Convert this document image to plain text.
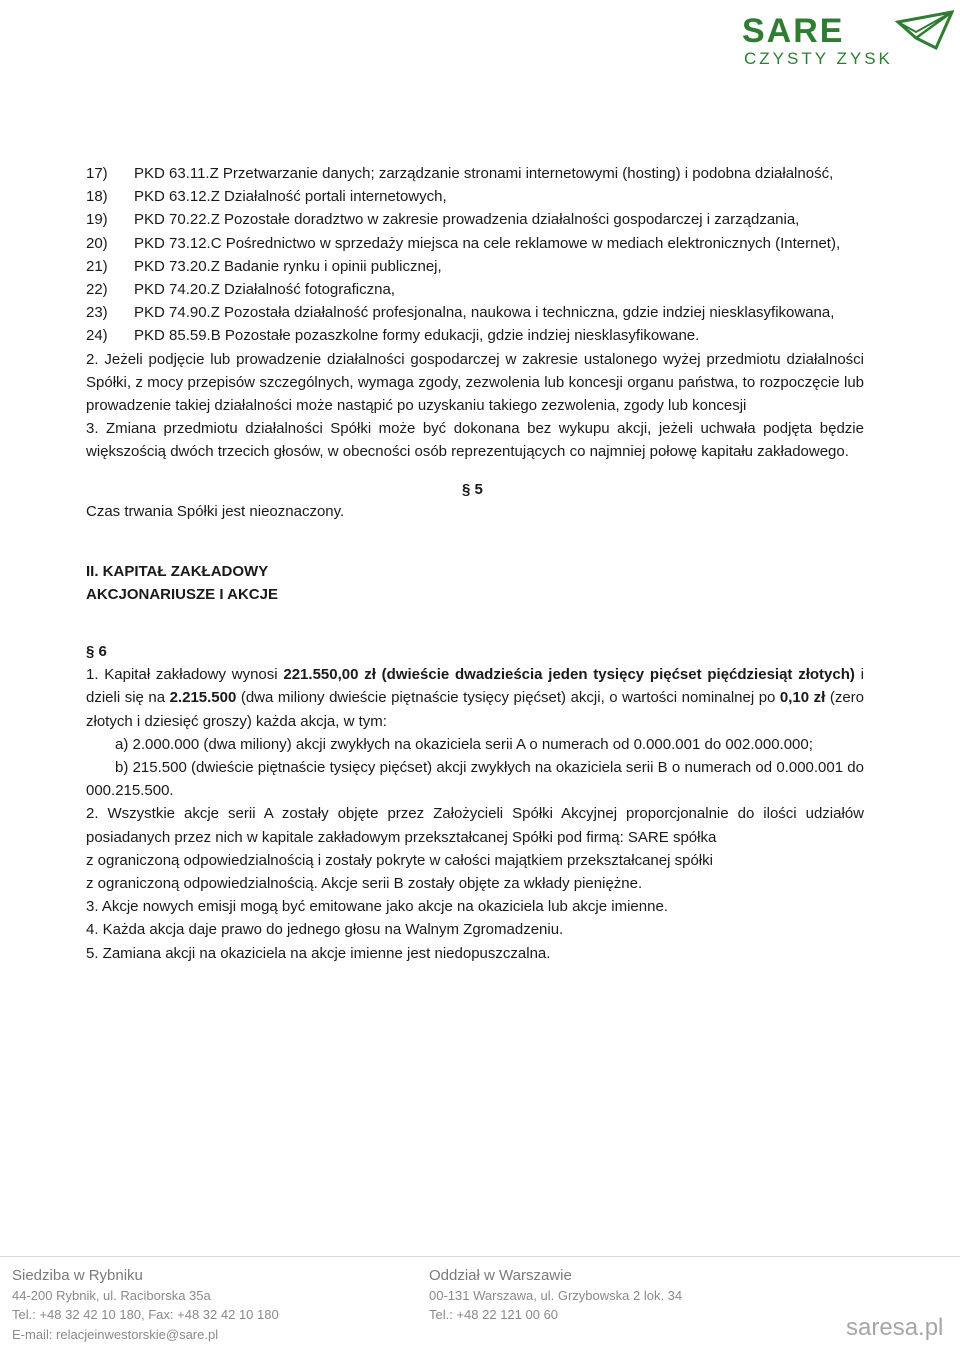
SARE
CZYSTY ZYSK
17)	PKD 63.11.Z Przetwarzanie danych; zarządzanie stronami internetowymi (hosting) i podobna działalność,
18)	PKD 63.12.Z Działalność portali internetowych,
19)	PKD 70.22.Z Pozostałe doradztwo w zakresie prowadzenia działalności gospodarczej i zarządzania,
20)	PKD 73.12.C Pośrednictwo w sprzedaży miejsca na cele reklamowe w mediach elektronicznych (Internet),
21)	PKD 73.20.Z Badanie rynku i opinii publicznej,
22)	PKD 74.20.Z Działalność fotograficzna,
23)	PKD 74.90.Z Pozostała działalność profesjonalna, naukowa i techniczna, gdzie indziej niesklasyfikowana,
24)	PKD 85.59.B Pozostałe pozaszkolne formy edukacji, gdzie indziej niesklasyfikowane.

2. Jeżeli podjęcie lub prowadzenie działalności gospodarczej w zakresie ustalonego wyżej przedmiotu działalności Spółki, z mocy przepisów szczególnych, wymaga zgody, zezwolenia lub koncesji organu państwa, to rozpoczęcie lub prowadzenie takiej działalności może nastąpić po uzyskaniu takiego zezwolenia, zgody lub koncesji

3. Zmiana przedmiotu działalności Spółki może być dokonana bez wykupu akcji, jeżeli uchwała podjęta będzie większością dwóch trzecich głosów, w obecności osób reprezentujących co najmniej połowę kapitału zakładowego.

§ 5
Czas trwania Spółki jest nieoznaczony.

II. KAPITAŁ ZAKŁADOWY

AKCJONARIUSZE I AKCJE

§ 6

1. Kapitał zakładowy wynosi 221.550,00 zł (dwieście dwadzieścia jeden tysięcy pięćset pięćdziesiąt złotych) i dzieli się na 2.215.500 (dwa miliony dwieście piętnaście tysięcy pięćset) akcji, o wartości nominalnej po 0,10 zł (zero złotych i dziesięć groszy) każda akcja, w tym:

a) 2.000.000 (dwa miliony) akcji zwykłych na okaziciela serii A o numerach od 0.000.001 do 002.000.000;

b) 215.500 (dwieście piętnaście tysięcy pięćset) akcji zwykłych na okaziciela serii B o numerach od 0.000.001 do 000.215.500.

2. Wszystkie akcje serii A zostały objęte przez Założycieli Spółki Akcyjnej proporcjonalnie do ilości udziałów posiadanych przez nich w kapitale zakładowym przekształcanej Spółki pod firmą: SARE spółka

z ograniczoną odpowiedzialnością i zostały pokryte w całości majątkiem przekształcanej spółki

z ograniczoną odpowiedzialnością. Akcje serii B zostały objęte za wkłady pieniężne.

3. Akcje nowych emisji mogą być emitowane jako akcje na okaziciela lub akcje imienne.

4. Każda akcja daje prawo do jednego głosu na Walnym Zgromadzeniu.

5. Zamiana akcji na okaziciela na akcje imienne jest niedopuszczalna.

Siedziba w Rybniku
44-200 Rybnik, ul. Raciborska 35a
Tel.: +48 32 42 10 180, Fax: +48 32 42 10 180
E-mail: relacjeinwestorskie@sare.pl
Oddział w Warszawie
00-131 Warszawa, ul. Grzybowska 2 lok. 34
Tel.: +48 22 121 00 60	saresa.pl
